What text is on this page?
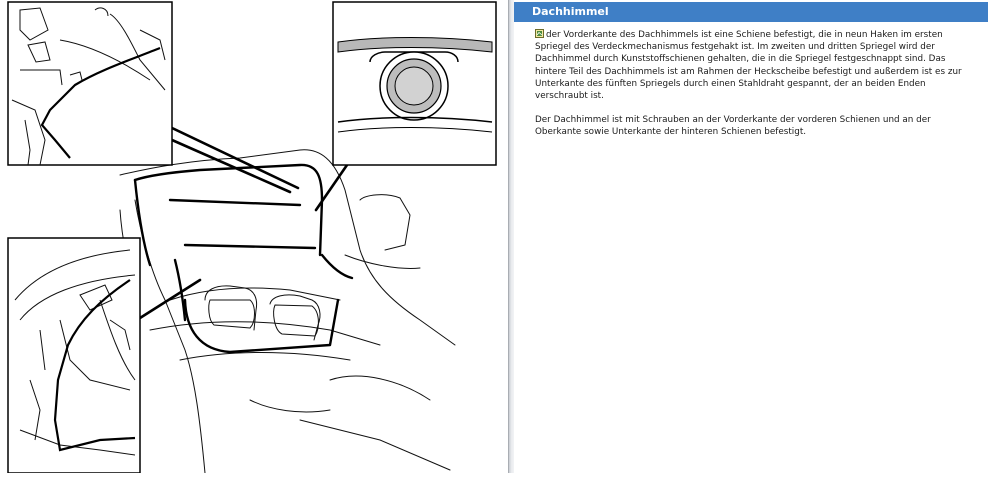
Dachhimmel

der Vorderkante des Dachhimmels ist eine Schiene befestigt, die in neun Haken im ersten Spriegel des Verdeckmechanismus festgehakt ist. Im zweiten und dritten Spriegel wird der Dachhimmel durch Kunststoffschienen gehalten, die in die Spriegel festgeschnappt sind. Das hintere Teil des Dachhimmels ist am Rahmen der Heckscheibe befestigt und außerdem ist es zur Unterkante des fünften Spriegels durch einen Stahldraht gespannt, der an beiden Enden verschraubt ist.

Der Dachhimmel ist mit Schrauben an der Vorderkante der vorderen Schienen und an der Oberkante sowie Unterkante der hinteren Schienen befestigt.
